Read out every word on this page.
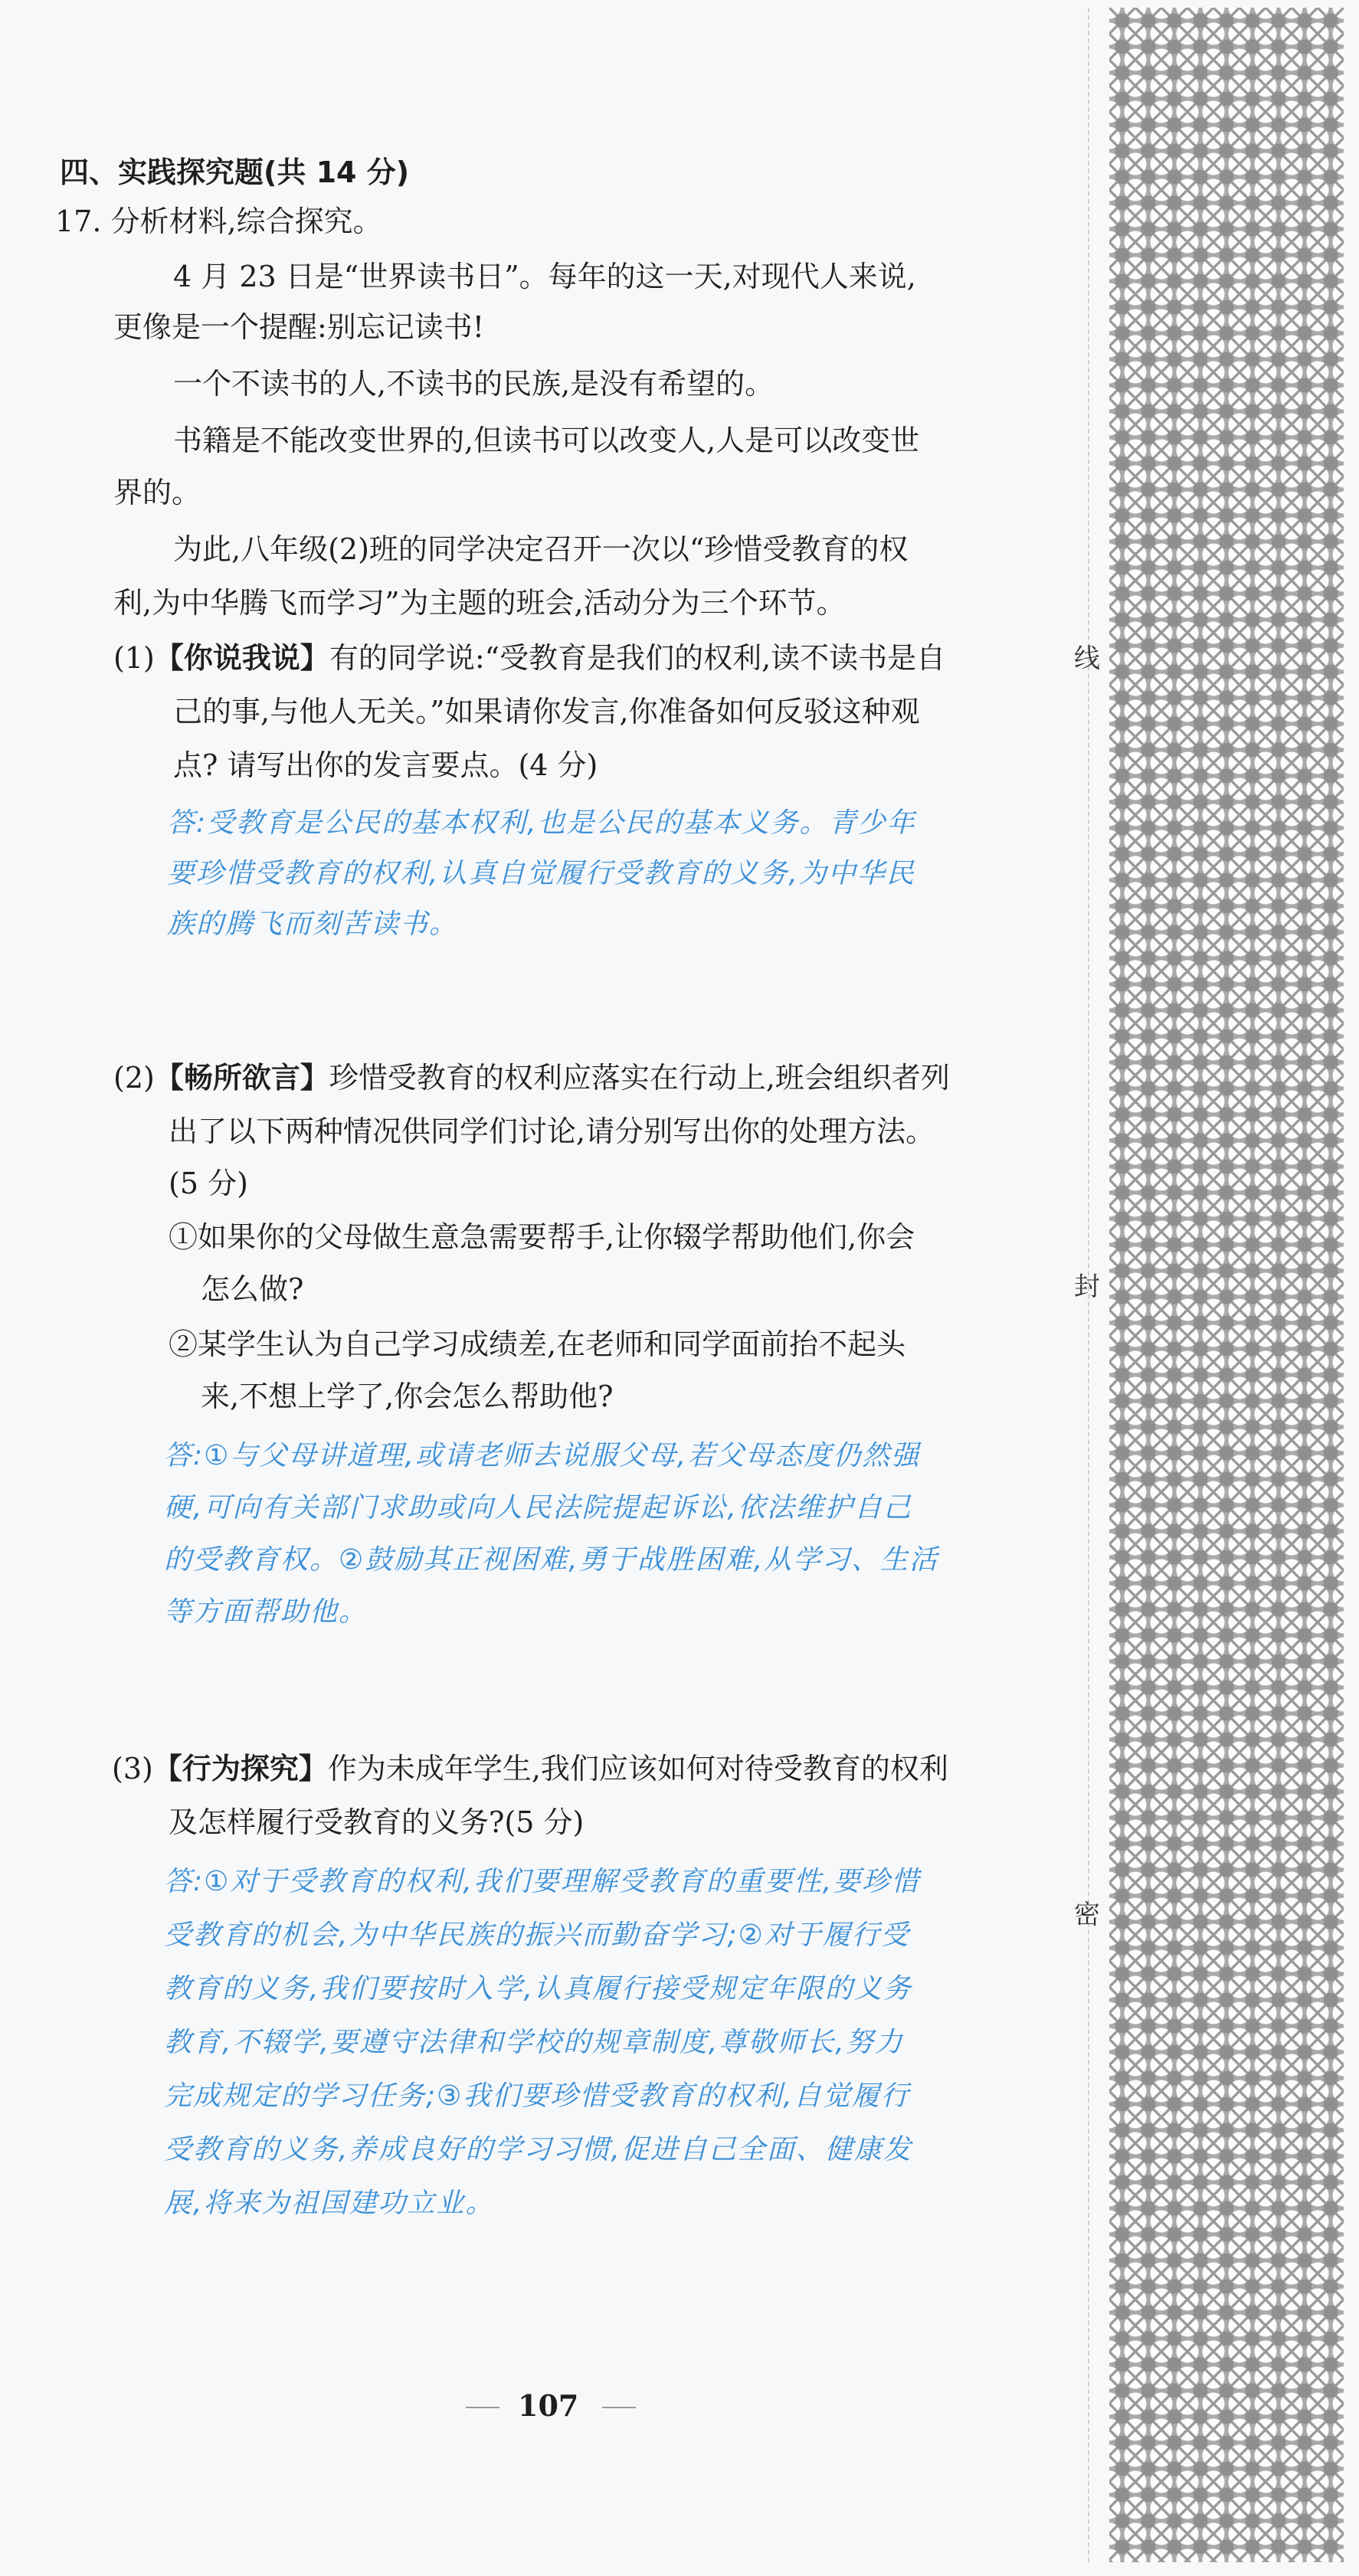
线
封
密
四、实践探究题(共 14 分)
17. 分析材料,综合探究。
4 月 23 日是“世界读书日”。每年的这一天,对现代人来说,
更像是一个提醒:别忘记读书!
一个不读书的人,不读书的民族,是没有希望的。
书籍是不能改变世界的,但读书可以改变人,人是可以改变世
界的。
为此,八年级(2)班的同学决定召开一次以“珍惜受教育的权
利,为中华腾飞而学习”为主题的班会,活动分为三个环节。
(1)【你说我说】有的同学说:“受教育是我们的权利,读不读书是自
己的事,与他人无关。”如果请你发言,你准备如何反驳这种观
点? 请写出你的发言要点。(4 分)
答:受教育是公民的基本权利,也是公民的基本义务。青少年
要珍惜受教育的权利,认真自觉履行受教育的义务,为中华民
族的腾飞而刻苦读书。
(2)【畅所欲言】珍惜受教育的权利应落实在行动上,班会组织者列
出了以下两种情况供同学们讨论,请分别写出你的处理方法。
(5 分)
①如果你的父母做生意急需要帮手,让你辍学帮助他们,你会
怎么做?
②某学生认为自己学习成绩差,在老师和同学面前抬不起头
来,不想上学了,你会怎么帮助他?
答:①与父母讲道理,或请老师去说服父母,若父母态度仍然强
硬,可向有关部门求助或向人民法院提起诉讼,依法维护自己
的受教育权。②鼓励其正视困难,勇于战胜困难,从学习、生活
等方面帮助他。
(3)【行为探究】作为未成年学生,我们应该如何对待受教育的权利
及怎样履行受教育的义务?(5 分)
答:①对于受教育的权利,我们要理解受教育的重要性,要珍惜
受教育的机会,为中华民族的振兴而勤奋学习;②对于履行受
教育的义务,我们要按时入学,认真履行接受规定年限的义务
教育,不辍学,要遵守法律和学校的规章制度,尊敬师长,努力
完成规定的学习任务;③我们要珍惜受教育的权利,自觉履行
受教育的义务,养成良好的学习习惯,促进自己全面、健康发
展,将来为祖国建功立业。
107
